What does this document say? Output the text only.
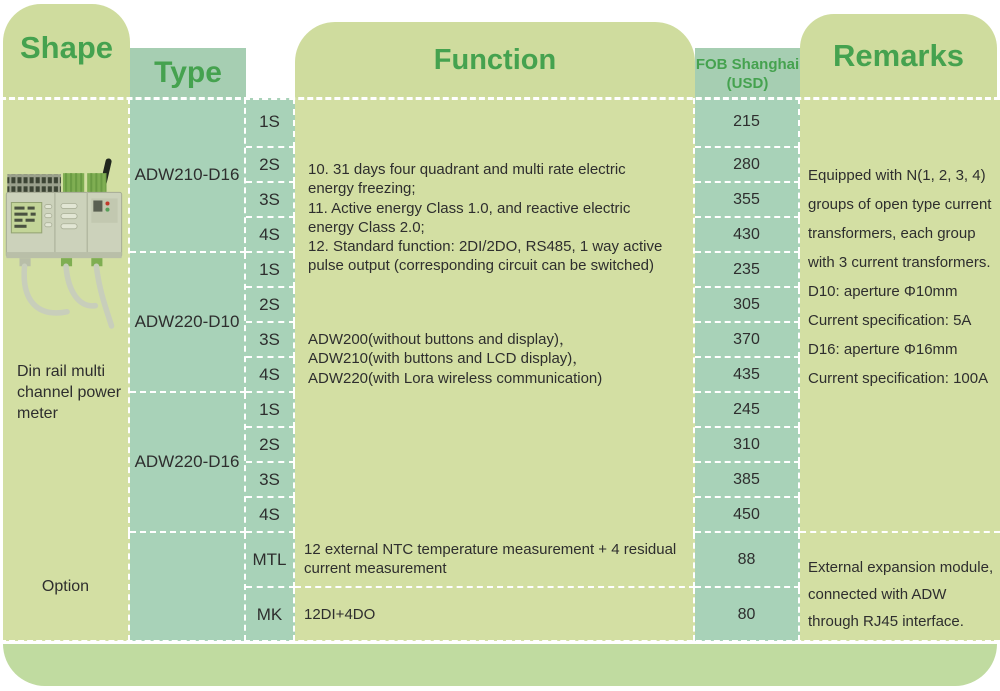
Shape
Type	Function	FOB Shanghai
(USD)
Remarks
Din rail multi channel power meter
Option
ADW210-D16
ADW220-D10
ADW220-D16
1S
2S
3S
4S
1S
2S
3S
4S
1S
2S
3S
4S
MTL
MK
10. 31 days four quadrant and multi rate electric energy freezing;
11. Active energy Class 1.0, and reactive electric energy Class 2.0;
12. Standard function: 2DI/2DO, RS485, 1 way active pulse output (corresponding circuit can be switched)
ADW200(without buttons and display)，
ADW210(with buttons and LCD display)，
ADW220(with Lora wireless communication)
12 external NTC temperature measurement + 4 residual current measurement
12DI+4DO
215
280
355
430
235
305
370
435
245
310
385
450
88
80
Equipped with N(1, 2, 3, 4)
groups of open type current
transformers, each group
with 3 current transformers.
D10: aperture Φ10mm
Current specification: 5A
D16: aperture Φ16mm
Current specification: 100A
External expansion module, connected with ADW through RJ45 interface.
